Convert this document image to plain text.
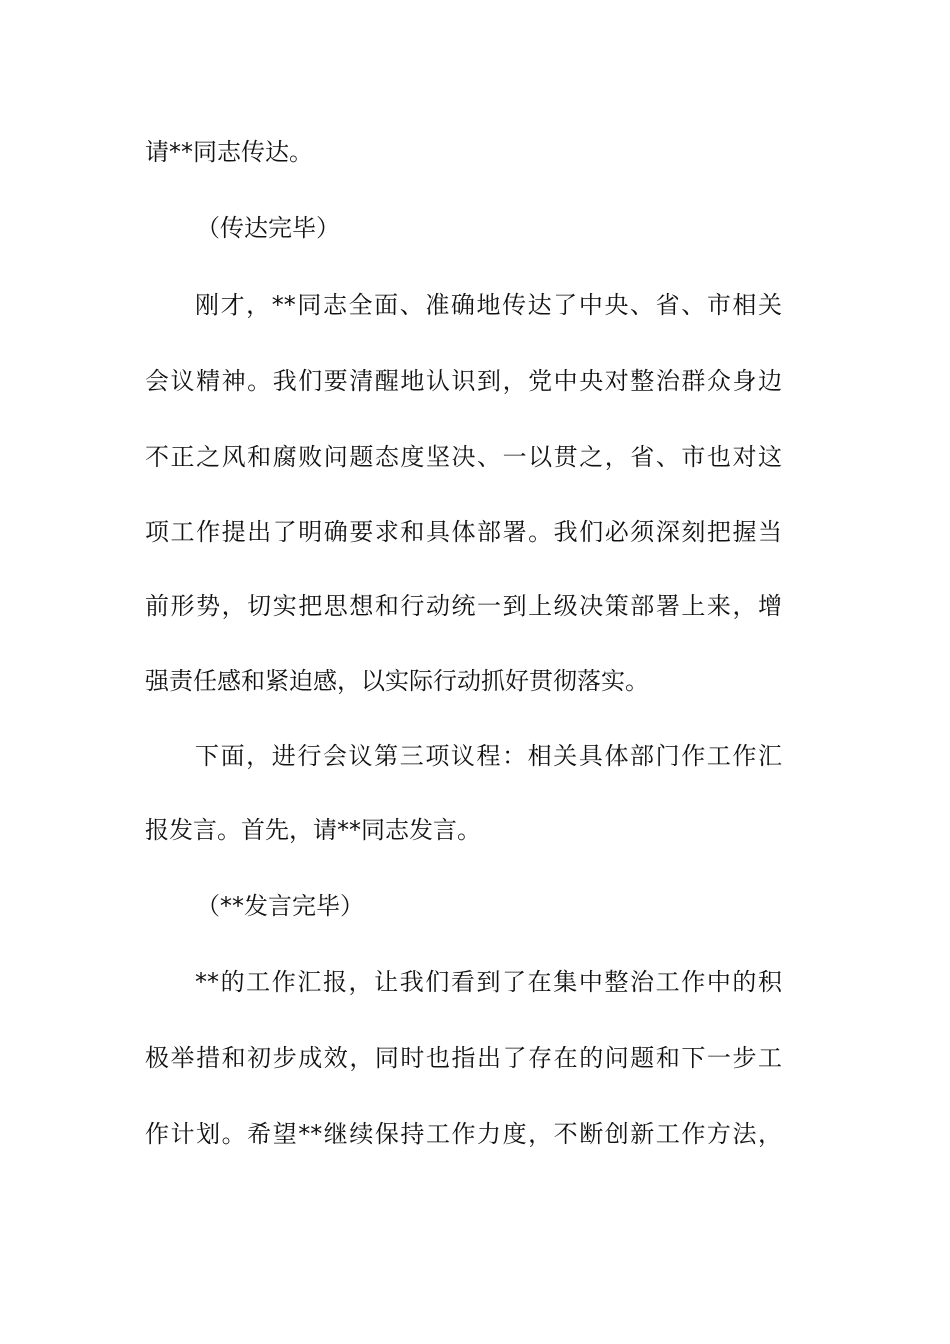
请**同志传达。
（传达完毕）
刚才，**同志全面、准确地传达了中央、省、市相关
会议精神。我们要清醒地认识到，党中央对整治群众身边
不正之风和腐败问题态度坚决、一以贯之，省、市也对这
项工作提出了明确要求和具体部署。我们必须深刻把握当
前形势，切实把思想和行动统一到上级决策部署上来，增
强责任感和紧迫感，以实际行动抓好贯彻落实。
下面，进行会议第三项议程：相关具体部门作工作汇
报发言。首先，请**同志发言。
（**发言完毕）
**的工作汇报，让我们看到了在集中整治工作中的积
极举措和初步成效，同时也指出了存在的问题和下一步工
作计划。希望**继续保持工作力度，不断创新工作方法，
